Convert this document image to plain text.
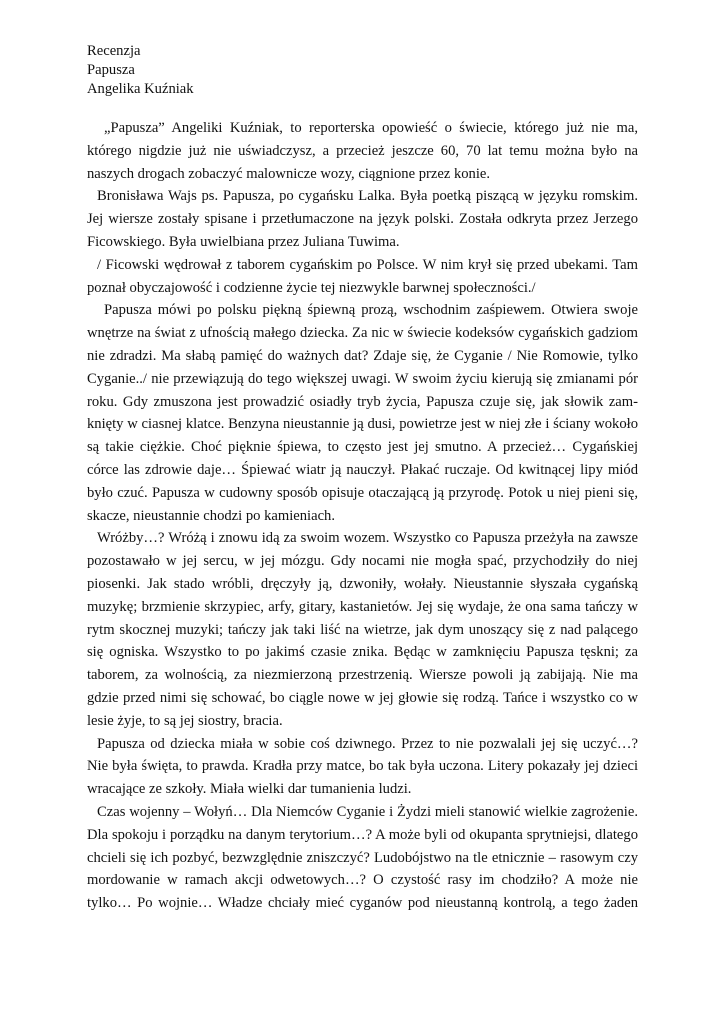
Recenzja
Papusza
Angelika Kuźniak
„Papusza” Angeliki Kuźniak, to reporterska opowieść o świecie, którego już nie ma,
którego nigdzie już nie uświadczysz, a przecież jeszcze 60, 70 lat temu można było na
naszych drogach zobaczyć malownicze wozy, ciągnione przez konie.
Bronisława Wajs ps. Papusza, po cygańsku Lalka. Była poetką piszącą w języku romskim.
Jej wiersze zostały spisane i przetłumaczone na język polski. Została odkryta przez Jerzego
Ficowskiego. Była uwielbiana przez Juliana Tuwima.
/ Ficowski wędrował z taborem cygańskim po Polsce. W nim krył się przed ubekami. Tam
poznał obyczajowość i codzienne życie tej niezwykle barwnej społeczności./
Papusza mówi po polsku piękną śpiewną prozą, wschodnim zaśpiewem. Otwiera swoje
wnętrze na świat z ufnością małego dziecka. Za nic w świecie kodeksów cygańskich gadziom
nie zdradzi. Ma słabą pamięć do ważnych dat? Zdaje się, że Cyganie / Nie Romowie, tylko
Cyganie../ nie przewiązują do tego większej uwagi. W swoim życiu kierują się zmianami pór
roku. Gdy zmuszona jest prowadzić osiadły tryb życia, Papusza czuje się, jak słowik zam-
knięty w ciasnej klatce. Benzyna nieustannie ją dusi, powietrze jest w niej złe i ściany wokoło
są takie ciężkie. Choć pięknie śpiewa, to często jest jej smutno. A przecież… Cygańskiej
córce las zdrowie daje… Śpiewać wiatr ją nauczył. Płakać ruczaje. Od kwitnącej lipy miód
było czuć. Papusza w cudowny sposób opisuje otaczającą ją przyrodę. Potok u niej pieni się,
skacze, nieustannie chodzi po kamieniach.
Wróżby…? Wróżą i znowu idą za swoim wozem. Wszystko co Papusza przeżyła na zawsze
pozostawało w jej sercu, w jej mózgu. Gdy nocami nie mogła spać, przychodziły do niej
piosenki. Jak stado wróbli, dręczyły ją, dzwoniły, wołały. Nieustannie słyszała cygańską
muzykę; brzmienie skrzypiec, arfy, gitary, kastanietów. Jej się wydaje, że ona sama tańczy w
rytm skocznej muzyki; tańczy jak taki liść na wietrze, jak dym unoszący się z nad palącego
się ogniska. Wszystko to po jakimś czasie znika. Będąc w zamknięciu Papusza tęskni; za
taborem, za wolnością, za niezmierzoną przestrzenią. Wiersze powoli ją zabijają. Nie ma
gdzie przed nimi się schować, bo ciągle nowe w jej głowie się rodzą. Tańce i wszystko co w
lesie żyje, to są jej siostry, bracia.
Papusza od dziecka miała w sobie coś dziwnego. Przez to nie pozwalali jej się uczyć…?
Nie była święta, to prawda. Kradła przy matce, bo tak była uczona. Litery pokazały jej dzieci
wracające ze szkoły. Miała wielki dar tumanienia ludzi.
Czas wojenny – Wołyń… Dla Niemców Cyganie i Żydzi mieli stanowić wielkie zagrożenie.
Dla spokoju i porządku na danym terytorium…? A może byli od okupanta sprytniejsi, dlatego
chcieli się ich pozbyć, bezwzględnie zniszczyć? Ludobójstwo na tle etnicznie – rasowym czy
mordowanie w ramach akcji odwetowych…? O czystość rasy im chodziło? A może nie
tylko… Po wojnie… Władze chciały mieć cyganów pod nieustanną kontrolą, a tego żaden
